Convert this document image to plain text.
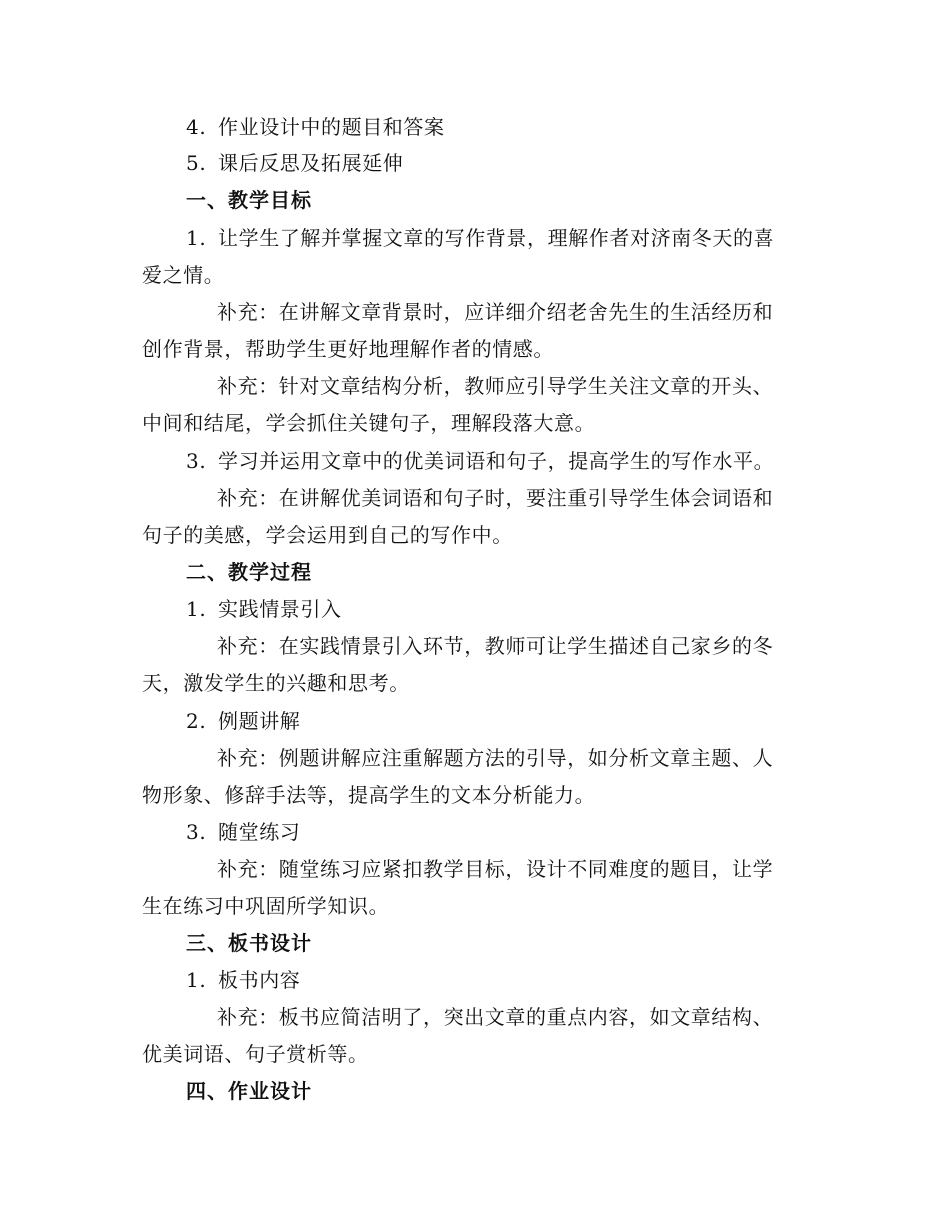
4. 作业设计中的题目和答案
5. 课后反思及拓展延伸
一、教学目标
1. 让学生了解并掌握文章的写作背景，理解作者对济南冬天的喜
爱之情。
补充：在讲解文章背景时，应详细介绍老舍先生的生活经历和
创作背景，帮助学生更好地理解作者的情感。
补充：针对文章结构分析，教师应引导学生关注文章的开头、
中间和结尾，学会抓住关键句子，理解段落大意。
3. 学习并运用文章中的优美词语和句子，提高学生的写作水平。
补充：在讲解优美词语和句子时，要注重引导学生体会词语和
句子的美感，学会运用到自己的写作中。
二、教学过程
1. 实践情景引入
补充：在实践情景引入环节，教师可让学生描述自己家乡的冬
天，激发学生的兴趣和思考。
2. 例题讲解
补充：例题讲解应注重解题方法的引导，如分析文章主题、人
物形象、修辞手法等，提高学生的文本分析能力。
3. 随堂练习
补充：随堂练习应紧扣教学目标，设计不同难度的题目，让学
生在练习中巩固所学知识。
三、板书设计
1. 板书内容
补充：板书应简洁明了，突出文章的重点内容，如文章结构、
优美词语、句子赏析等。
四、作业设计
